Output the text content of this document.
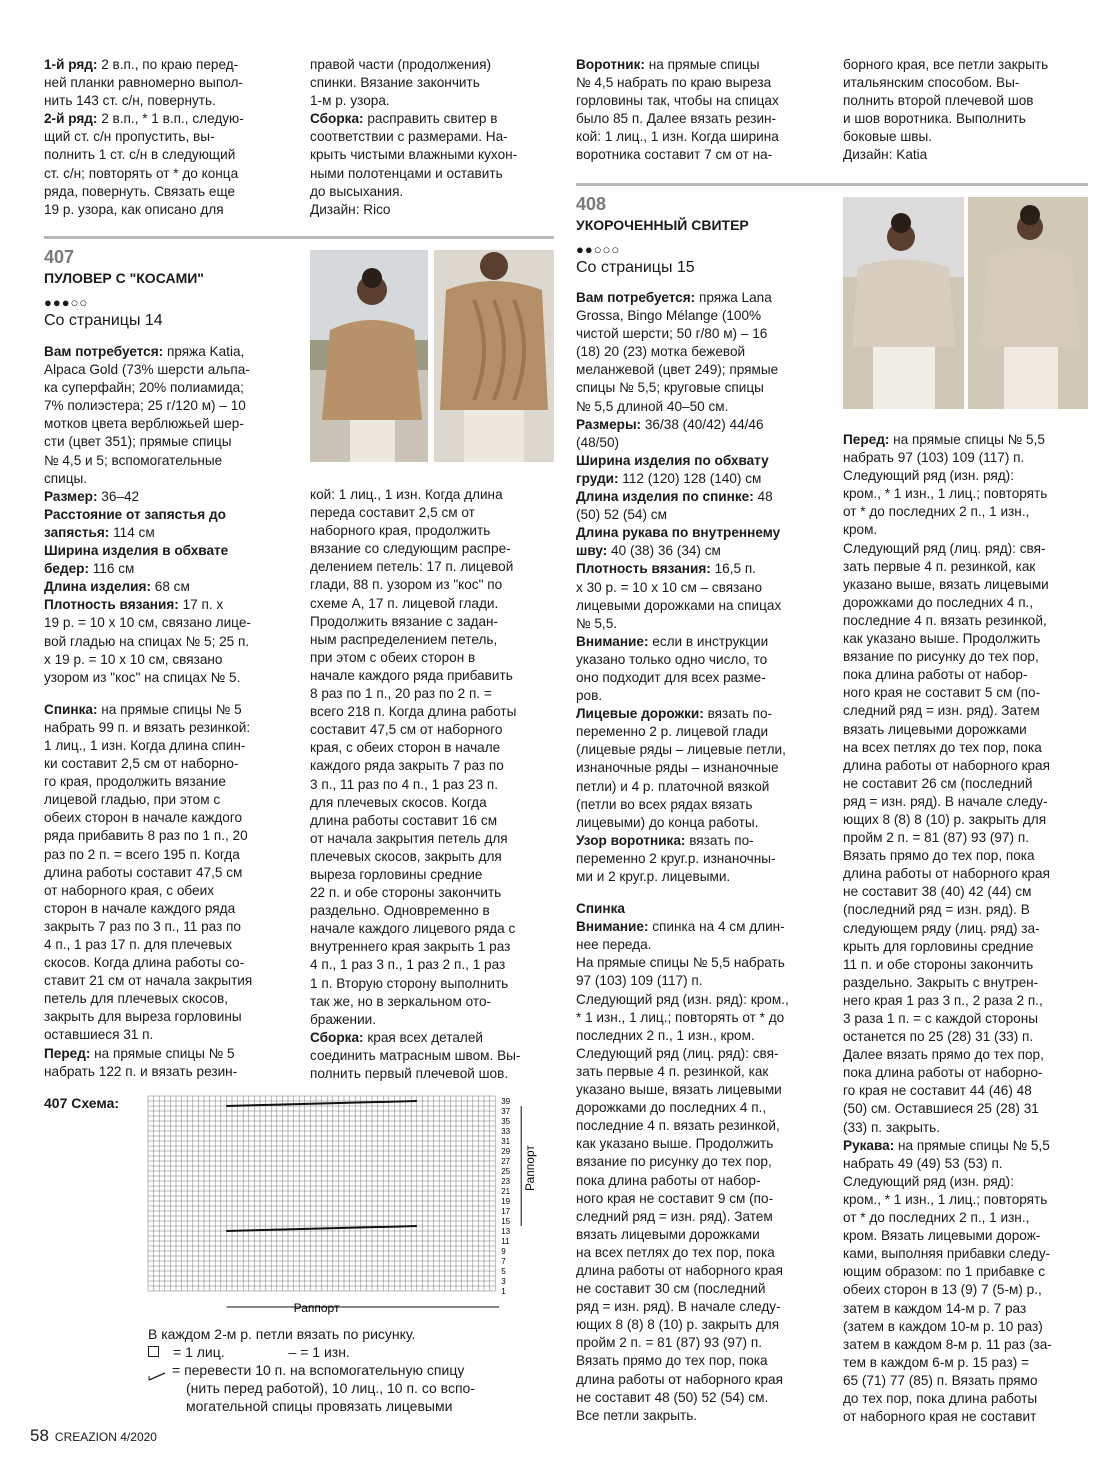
1-й ряд: 2 в.п., по краю перед-

ней планки равномерно выпол-

нить 143 ст. с/н, повернуть.

2-й ряд: 2 в.п., * 1 в.п., следую-

щий ст. с/н пропустить, вы-

полнить 1 ст. с/н в следующий

ст. с/н; повторять от * до конца

ряда, повернуть. Связать еще

19 р. узора, как описано для

правой части (продолжения)

спинки. Вязание закончить

1-м р. узора.

Сборка: расправить свитер в

соответствии с размерами. На-

крыть чистыми влажными кухон-

ными полотенцами и оставить

до высыхания.

Дизайн: Rico

Воротник: на прямые спицы

№ 4,5 набрать по краю выреза

горловины так, чтобы на спицах

было 85 п. Далее вязать резин-

кой: 1 лиц., 1 изн. Когда ширина

воротника составит 7 см от на-

борного края, все петли закрыть

итальянским способом. Вы-

полнить второй плечевой шов

и шов воротника. Выполнить

боковые швы.

Дизайн: Katia

407
ПУЛОВЕР С "КОСАМИ"
●●●○○
Со страницы 14

Вам потребуется: пряжа Katia,

Alpaca Gold (73% шерсти альпа-

ка суперфайн; 20% полиамида;

7% полиэстера; 25 г/120 м) – 10

мотков цвета верблюжьей шер-

сти (цвет 351); прямые спицы

№ 4,5 и 5; вспомогательные

спицы.

Размер: 36–42

Расстояние от запястья до

запястья: 114 см

Ширина изделия в обхвате

бедер: 116 см

Длина изделия: 68 см

Плотность вязания: 17 п. х

19 р. = 10 х 10 см, связано лице-

вой гладью на спицах № 5; 25 п.

х 19 р. = 10 х 10 см, связано

узором из "кос" на спицах № 5.

Спинка: на прямые спицы № 5

набрать 99 п. и вязать резинкой:

1 лиц., 1 изн. Когда длина спин-

ки составит 2,5 см от наборно-

го края, продолжить вязание

лицевой гладью, при этом с

обеих сторон в начале каждого

ряда прибавить 8 раз по 1 п., 20

раз по 2 п. = всего 195 п. Когда

длина работы составит 47,5 см

от наборного края, с обеих

сторон в начале каждого ряда

закрыть 7 раз по 3 п., 11 раз по

4 п., 1 раз 17 п. для плечевых

скосов. Когда длина работы со-

ставит 21 см от начала закрытия

петель для плечевых скосов,

закрыть для выреза горловины

оставшиеся 31 п.

Перед: на прямые спицы № 5

набрать 122 п. и вязать резин-

кой: 1 лиц., 1 изн. Когда длина

переда составит 2,5 см от

наборного края, продолжить

вязание со следующим распре-

делением петель: 17 п. лицевой

глади, 88 п. узором из "кос" по

схеме А, 17 п. лицевой глади.

Продолжить вязание с задан-

ным распределением петель,

при этом с обеих сторон в

начале каждого ряда прибавить

8 раз по 1 п., 20 раз по 2 п. =

всего 218 п. Когда длина работы

составит 47,5 см от наборного

края, с обеих сторон в начале

каждого ряда закрыть 7 раз по

3 п., 11 раз по 4 п., 1 раз 23 п.

для плечевых скосов. Когда

длина работы составит 16 см

от начала закрытия петель для

плечевых скосов, закрыть для

выреза горловины средние

22 п. и обе стороны закончить

раздельно. Одновременно в

начале каждого лицевого ряда с

внутреннего края закрыть 1 раз

4 п., 1 раз 3 п., 1 раз 2 п., 1 раз

1 п. Вторую сторону выполнить

так же, но в зеркальном ото-

бражении.

Сборка: края всех деталей

соединить матрасным швом. Вы-

полнить первый плечевой шов.

408
УКОРОЧЕННЫЙ СВИТЕР
●●○○○
Со страницы 15

Вам потребуется: пряжа Lana

Grossa, Bingo Mélange (100%

чистой шерсти; 50 г/80 м) – 16

(18) 20 (23) мотка бежевой

меланжевой (цвет 249); прямые

спицы № 5,5; круговые спицы

№ 5,5 длиной 40–50 см.

Размеры: 36/38 (40/42) 44/46

(48/50)

Ширина изделия по обхвату

груди: 112 (120) 128 (140) см

Длина изделия по спинке: 48

(50) 52 (54) см

Длина рукава по внутреннему

шву: 40 (38) 36 (34) см

Плотность вязания: 16,5 п.

х 30 р. = 10 х 10 см – связано

лицевыми дорожками на спицах

№ 5,5.

Внимание: если в инструкции

указано только одно число, то

оно подходит для всех разме-

ров.

Лицевые дорожки: вязать по-

переменно 2 р. лицевой глади

(лицевые ряды – лицевые петли,

изнаночные ряды – изнаночные

петли) и 4 р. платочной вязкой

(петли во всех рядах вязать

лицевыми) до конца работы.

Узор воротника: вязать по-

переменно 2 круг.р. изнаночны-

ми и 2 круг.р. лицевыми.

Спинка

Внимание: спинка на 4 см длин-

нее переда.

На прямые спицы № 5,5 набрать

97 (103) 109 (117) п.

Следующий ряд (изн. ряд): кром.,

* 1 изн., 1 лиц.; повторять от * до

последних 2 п., 1 изн., кром.

Следующий ряд (лиц. ряд): свя-

зать первые 4 п. резинкой, как

указано выше, вязать лицевыми

дорожками до последних 4 п.,

последние 4 п. вязать резинкой,

как указано выше. Продолжить

вязание по рисунку до тех пор,

пока длина работы от набор-

ного края не составит 9 см (по-

следний ряд = изн. ряд). Затем

вязать лицевыми дорожками

на всех петлях до тех пор, пока

длина работы от наборного края

не составит 30 см (последний

ряд = изн. ряд). В начале следу-

ющих 8 (8) 8 (10) р. закрыть для

пройм 2 п. = 81 (87) 93 (97) п.

Вязать прямо до тех пор, пока

длина работы от наборного края

не составит 48 (50) 52 (54) см.

Все петли закрыть.

Перед: на прямые спицы № 5,5

набрать 97 (103) 109 (117) п.

Следующий ряд (изн. ряд):

кром., * 1 изн., 1 лиц.; повторять

от * до последних 2 п., 1 изн.,

кром.

Следующий ряд (лиц. ряд): свя-

зать первые 4 п. резинкой, как

указано выше, вязать лицевыми

дорожками до последних 4 п.,

последние 4 п. вязать резинкой,

как указано выше. Продолжить

вязание по рисунку до тех пор,

пока длина работы от набор-

ного края не составит 5 см (по-

следний ряд = изн. ряд). Затем

вязать лицевыми дорожками

на всех петлях до тех пор, пока

длина работы от наборного края

не составит 26 см (последний

ряд = изн. ряд). В начале следу-

ющих 8 (8) 8 (10) р. закрыть для

пройм 2 п. = 81 (87) 93 (97) п.

Вязать прямо до тех пор, пока

длина работы от наборного края

не составит 38 (40) 42 (44) см

(последний ряд = изн. ряд). В

следующем ряду (лиц. ряд) за-

крыть для горловины средние

11 п. и обе стороны закончить

раздельно. Закрыть с внутрен-

него края 1 раз 3 п., 2 раза 2 п.,

3 раза 1 п. = с каждой стороны

останется по 25 (28) 31 (33) п.

Далее вязать прямо до тех пор,

пока длина работы от наборно-

го края не составит 44 (46) 48

(50) см. Оставшиеся 25 (28) 31

(33) п. закрыть.

Рукава: на прямые спицы № 5,5

набрать 49 (49) 53 (53) п.

Следующий ряд (изн. ряд):

кром., * 1 изн., 1 лиц.; повторять

от * до последних 2 п., 1 изн.,

кром. Вязать лицевыми дорож-

ками, выполняя прибавки следу-

ющим образом: по 1 прибавке с

обеих сторон в 13 (9) 7 (5-м) р.,

затем в каждом 14-м р. 7 раз

(затем в каждом 10-м р. 10 раз)

затем в каждом 8-м р. 11 раз (за-

тем в каждом 6-м р. 15 раз) =

65 (71) 77 (85) п. Вязать прямо

до тех пор, пока длина работы

от наборного края не составит

407 Схема:	39
37
35
33
31
29
27
25
23
21
19
17
15
13
11
9
7
5
3
1
Раппорт
Раппорт
В каждом 2-м р. петли вязать по рисунку.
= 1 лиц.	– = 1 изн.
= перевести 10 п. на вспомогательную спицу
(нить перед работой), 10 лиц., 10 п. со вспо-
могательной спицы провязать лицевыми
58 CREAZION 4/2020
